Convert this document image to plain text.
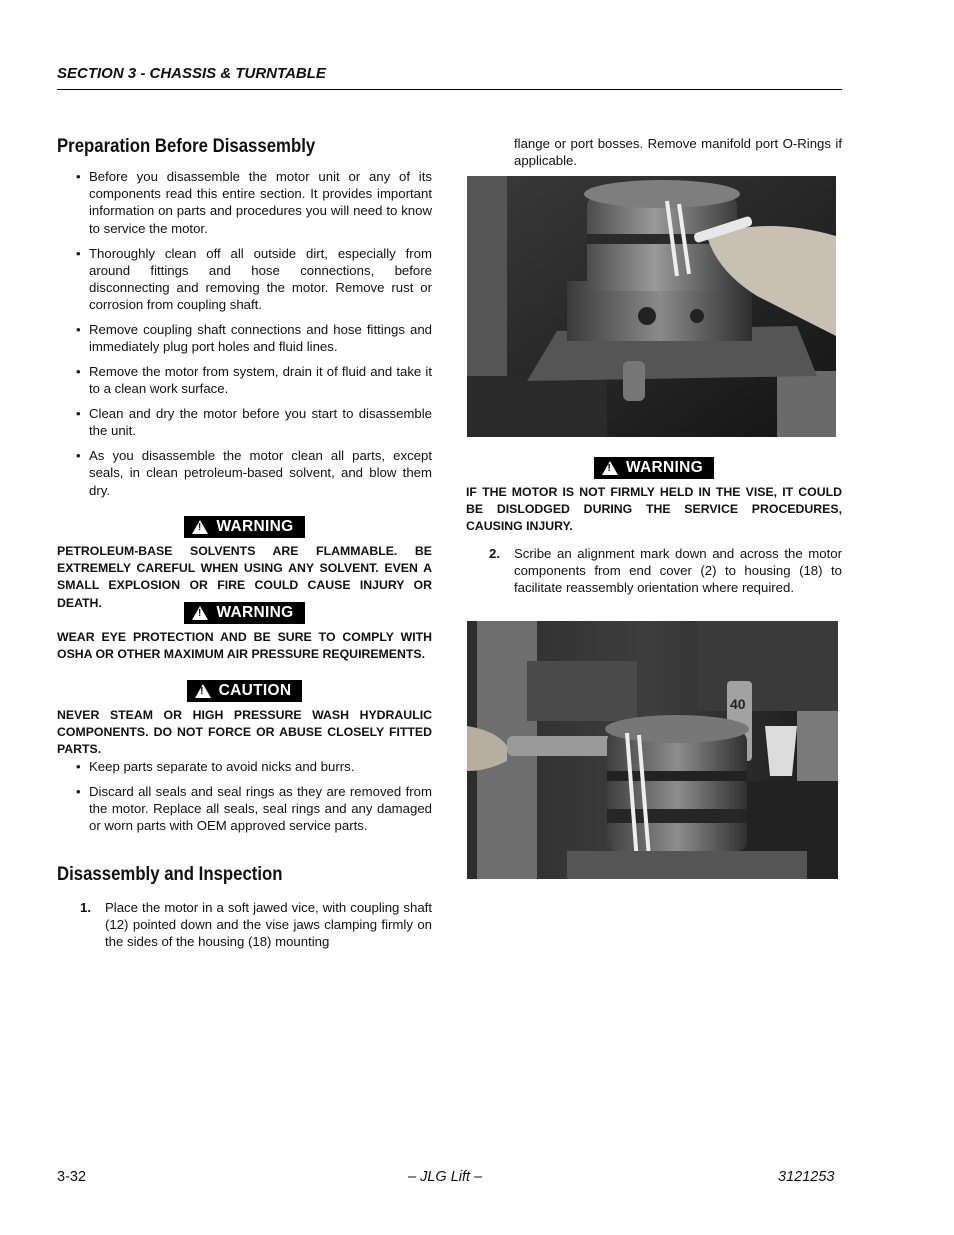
SECTION 3 - CHASSIS & TURNTABLE
Preparation Before Disassembly
• Before you disassemble the motor unit or any of its components read this entire section. It provides important information on parts and procedures you will need to know to service the motor.
• Thoroughly clean off all outside dirt, especially from around fittings and hose connections, before disconnecting and removing the motor. Remove rust or corrosion from coupling shaft.
• Remove coupling shaft connections and hose fittings and immediately plug port holes and fluid lines.
• Remove the motor from system, drain it of fluid and take it to a clean work surface.
• Clean and dry the motor before you start to disassemble the unit.
• As you disassemble the motor clean all parts, except seals, in clean petroleum-based solvent, and blow them dry.
!
WARNING

PETROLEUM-BASE SOLVENTS ARE FLAMMABLE. BE EXTREMELY CAREFUL WHEN USING ANY SOLVENT. EVEN A SMALL EXPLOSION OR FIRE COULD CAUSE INJURY OR DEATH.

!
WARNING

WEAR EYE PROTECTION AND BE SURE TO COMPLY WITH OSHA OR OTHER MAXIMUM AIR PRESSURE REQUIREMENTS.

!
CAUTION

NEVER STEAM OR HIGH PRESSURE WASH HYDRAULIC COMPONENTS. DO NOT FORCE OR ABUSE CLOSELY FITTED PARTS.

• Keep parts separate to avoid nicks and burrs.
• Discard all seals and seal rings as they are removed from the motor. Replace all seals, seal rings and any damaged or worn parts with OEM approved service parts.
Disassembly and Inspection
1. Place the motor in a soft jawed vice, with coupling shaft (12) pointed down and the vise jaws clamping firmly on the sides of the housing (18) mounting
flange or port bosses. Remove manifold port O-Rings if applicable.
!
WARNING

IF THE MOTOR IS NOT FIRMLY HELD IN THE VISE, IT COULD BE DISLODGED DURING THE SERVICE PROCEDURES, CAUSING INJURY.

2. Scribe an alignment mark down and across the motor components from end cover (2) to housing (18) to facilitate reassembly orientation where required.
40
3-32	– JLG Lift –	3121253
